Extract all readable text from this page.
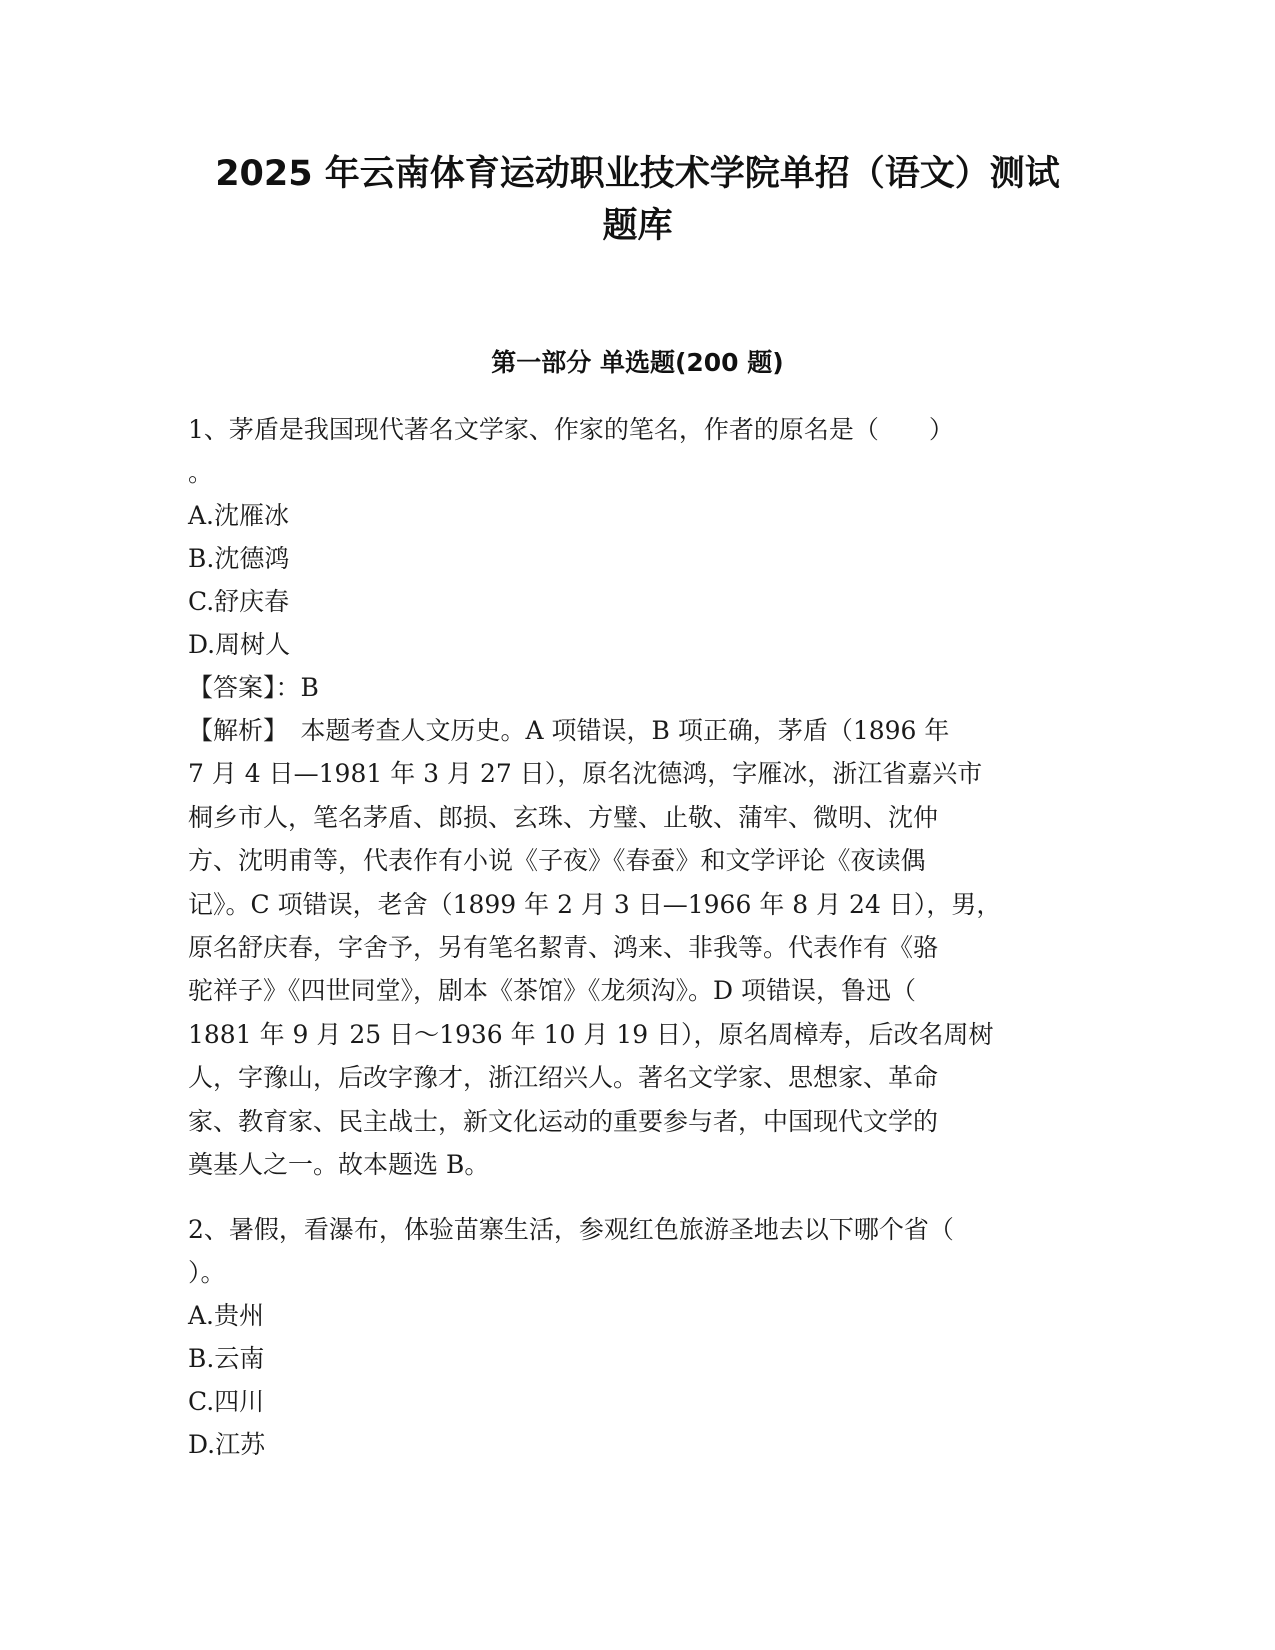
2025 年云南体育运动职业技术学院单招（语文）测试
题库
第一部分 单选题(200 题)

1、茅盾是我国现代著名文学家、作家的笔名，作者的原名是（　　）

。

A.沈雁冰

B.沈德鸿

C.舒庆春

D.周树人

【答案】：B

【解析】　本题考查人文历史。A 项错误，B 项正确，茅盾（1896 年

7 月 4 日—1981 年 3 月 27 日），原名沈德鸿，字雁冰，浙江省嘉兴市

桐乡市人，笔名茅盾、郎损、玄珠、方璧、止敬、蒲牢、微明、沈仲

方、沈明甫等，代表作有小说《子夜》《春蚕》和文学评论《夜读偶

记》。C 项错误，老舍（1899 年 2 月 3 日—1966 年 8 月 24 日），男，

原名舒庆春，字舍予，另有笔名絜青、鸿来、非我等。代表作有《骆

驼祥子》《四世同堂》，剧本《茶馆》《龙须沟》。D 项错误，鲁迅（

1881 年 9 月 25 日～1936 年 10 月 19 日），原名周樟寿，后改名周树

人，字豫山，后改字豫才，浙江绍兴人。著名文学家、思想家、革命

家、教育家、民主战士，新文化运动的重要参与者，中国现代文学的

奠基人之一。故本题选 B。

2、暑假，看瀑布，体验苗寨生活，参观红色旅游圣地去以下哪个省（

）。

A.贵州

B.云南

C.四川

D.江苏
